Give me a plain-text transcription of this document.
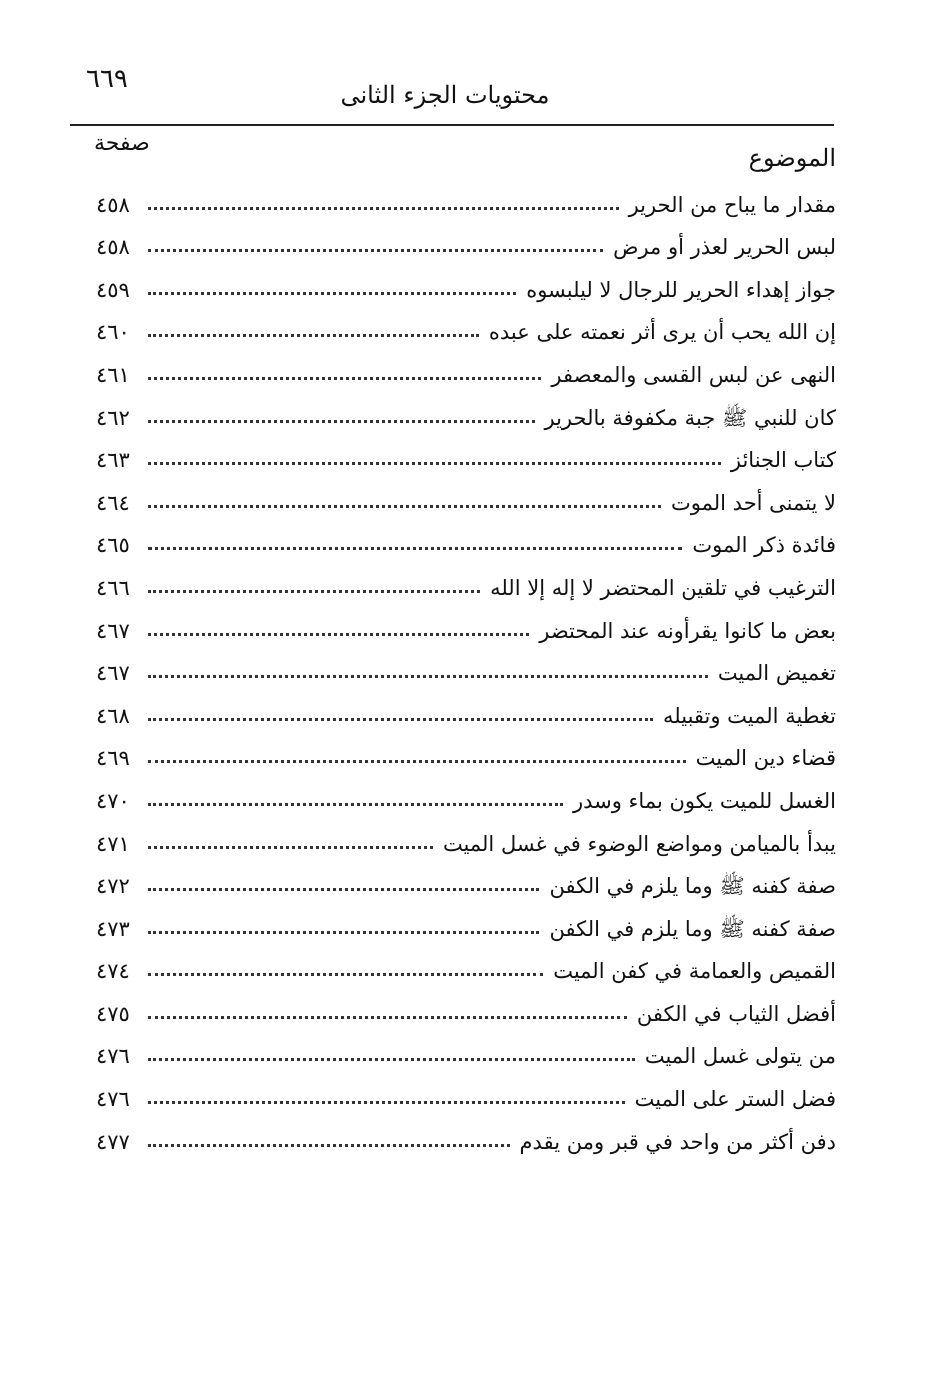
٦٦٩
محتويات الجزء الثانى
صفحة
الموضوع
مقدار ما يباح من الحرير
٤٥٨
لبس الحرير لعذر أو مرض
٤٥٨
جواز إهداء الحرير للرجال لا ليلبسوه
٤٥٩
إن الله يحب أن يرى أثر نعمته على عبده
٤٦٠
النهى عن لبس القسى والمعصفر
٤٦١
كان للنبي ﷺ جبة مكفوفة بالحرير
٤٦٢
كتاب الجنائز
٤٦٣
لا يتمنى أحد الموت
٤٦٤
فائدة ذكر الموت
٤٦٥
الترغيب في تلقين المحتضر لا إله إلا الله
٤٦٦
بعض ما كانوا يقرأونه عند المحتضر
٤٦٧
تغميض الميت
٤٦٧
تغطية الميت وتقبيله
٤٦٨
قضاء دين الميت
٤٦٩
الغسل للميت يكون بماء وسدر
٤٧٠
يبدأ بالميامن ومواضع الوضوء في غسل الميت
٤٧١
صفة كفنه ﷺ وما يلزم في الكفن
٤٧٢
صفة كفنه ﷺ وما يلزم في الكفن
٤٧٣
القميص والعمامة في كفن الميت
٤٧٤
أفضل الثياب في الكفن
٤٧٥
من يتولى غسل الميت
٤٧٦
فضل الستر على الميت
٤٧٦
دفن أكثر من واحد في قبر ومن يقدم
٤٧٧
